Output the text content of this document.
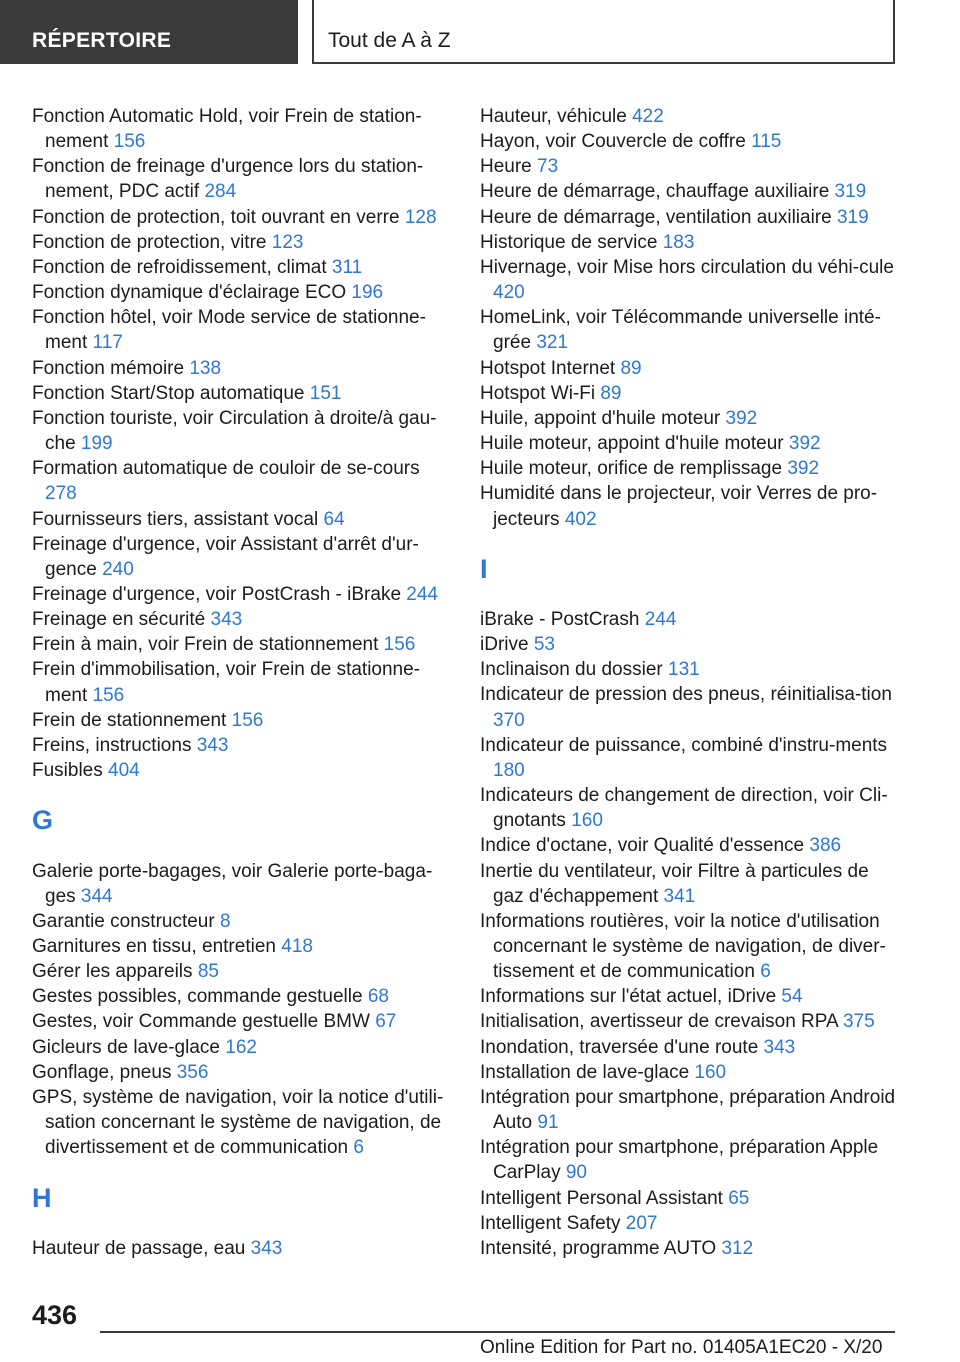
RÉPERTOIRE	Tout de A à Z
Fonction Automatic Hold, voir Frein de station-nement 156
Fonction de freinage d'urgence lors du station-nement, PDC actif 284
Fonction de protection, toit ouvrant en verre 128
Fonction de protection, vitre 123
Fonction de refroidissement, climat 311
Fonction dynamique d'éclairage ECO 196
Fonction hôtel, voir Mode service de stationne-ment 117
Fonction mémoire 138
Fonction Start/Stop automatique 151
Fonction touriste, voir Circulation à droite/à gau-che 199
Formation automatique de couloir de se-cours 278
Fournisseurs tiers, assistant vocal 64
Freinage d'urgence, voir Assistant d'arrêt d'ur-gence 240
Freinage d'urgence, voir PostCrash - iBrake 244
Freinage en sécurité 343
Frein à main, voir Frein de stationnement 156
Frein d'immobilisation, voir Frein de stationne-ment 156
Frein de stationnement 156
Freins, instructions 343
Fusibles 404
G
Galerie porte-bagages, voir Galerie porte-baga-ges 344
Garantie constructeur 8
Garnitures en tissu, entretien 418
Gérer les appareils 85
Gestes possibles, commande gestuelle 68
Gestes, voir Commande gestuelle BMW 67
Gicleurs de lave-glace 162
Gonflage, pneus 356
GPS, système de navigation, voir la notice d'utili-sation concernant le système de navigation, de divertissement et de communication 6
H
Hauteur de passage, eau 343
Hauteur, véhicule 422
Hayon, voir Couvercle de coffre 115
Heure 73
Heure de démarrage, chauffage auxiliaire 319
Heure de démarrage, ventilation auxiliaire 319
Historique de service 183
Hivernage, voir Mise hors circulation du véhi-cule 420
HomeLink, voir Télécommande universelle inté-grée 321
Hotspot Internet 89
Hotspot Wi-Fi 89
Huile, appoint d'huile moteur 392
Huile moteur, appoint d'huile moteur 392
Huile moteur, orifice de remplissage 392
Humidité dans le projecteur, voir Verres de pro-jecteurs 402
I
iBrake - PostCrash 244
iDrive 53
Inclinaison du dossier 131
Indicateur de pression des pneus, réinitialisa-tion 370
Indicateur de puissance, combiné d'instru-ments 180
Indicateurs de changement de direction, voir Cli-gnotants 160
Indice d'octane, voir Qualité d'essence 386
Inertie du ventilateur, voir Filtre à particules de gaz d'échappement 341
Informations routières, voir la notice d'utilisation concernant le système de navigation, de diver-tissement et de communication 6
Informations sur l'état actuel, iDrive 54
Initialisation, avertisseur de crevaison RPA 375
Inondation, traversée d'une route 343
Installation de lave-glace 160
Intégration pour smartphone, préparation Android Auto 91
Intégration pour smartphone, préparation Apple CarPlay 90
Intelligent Personal Assistant 65
Intelligent Safety 207
Intensité, programme AUTO 312
436
Online Edition for Part no. 01405A1EC20 - X/20
